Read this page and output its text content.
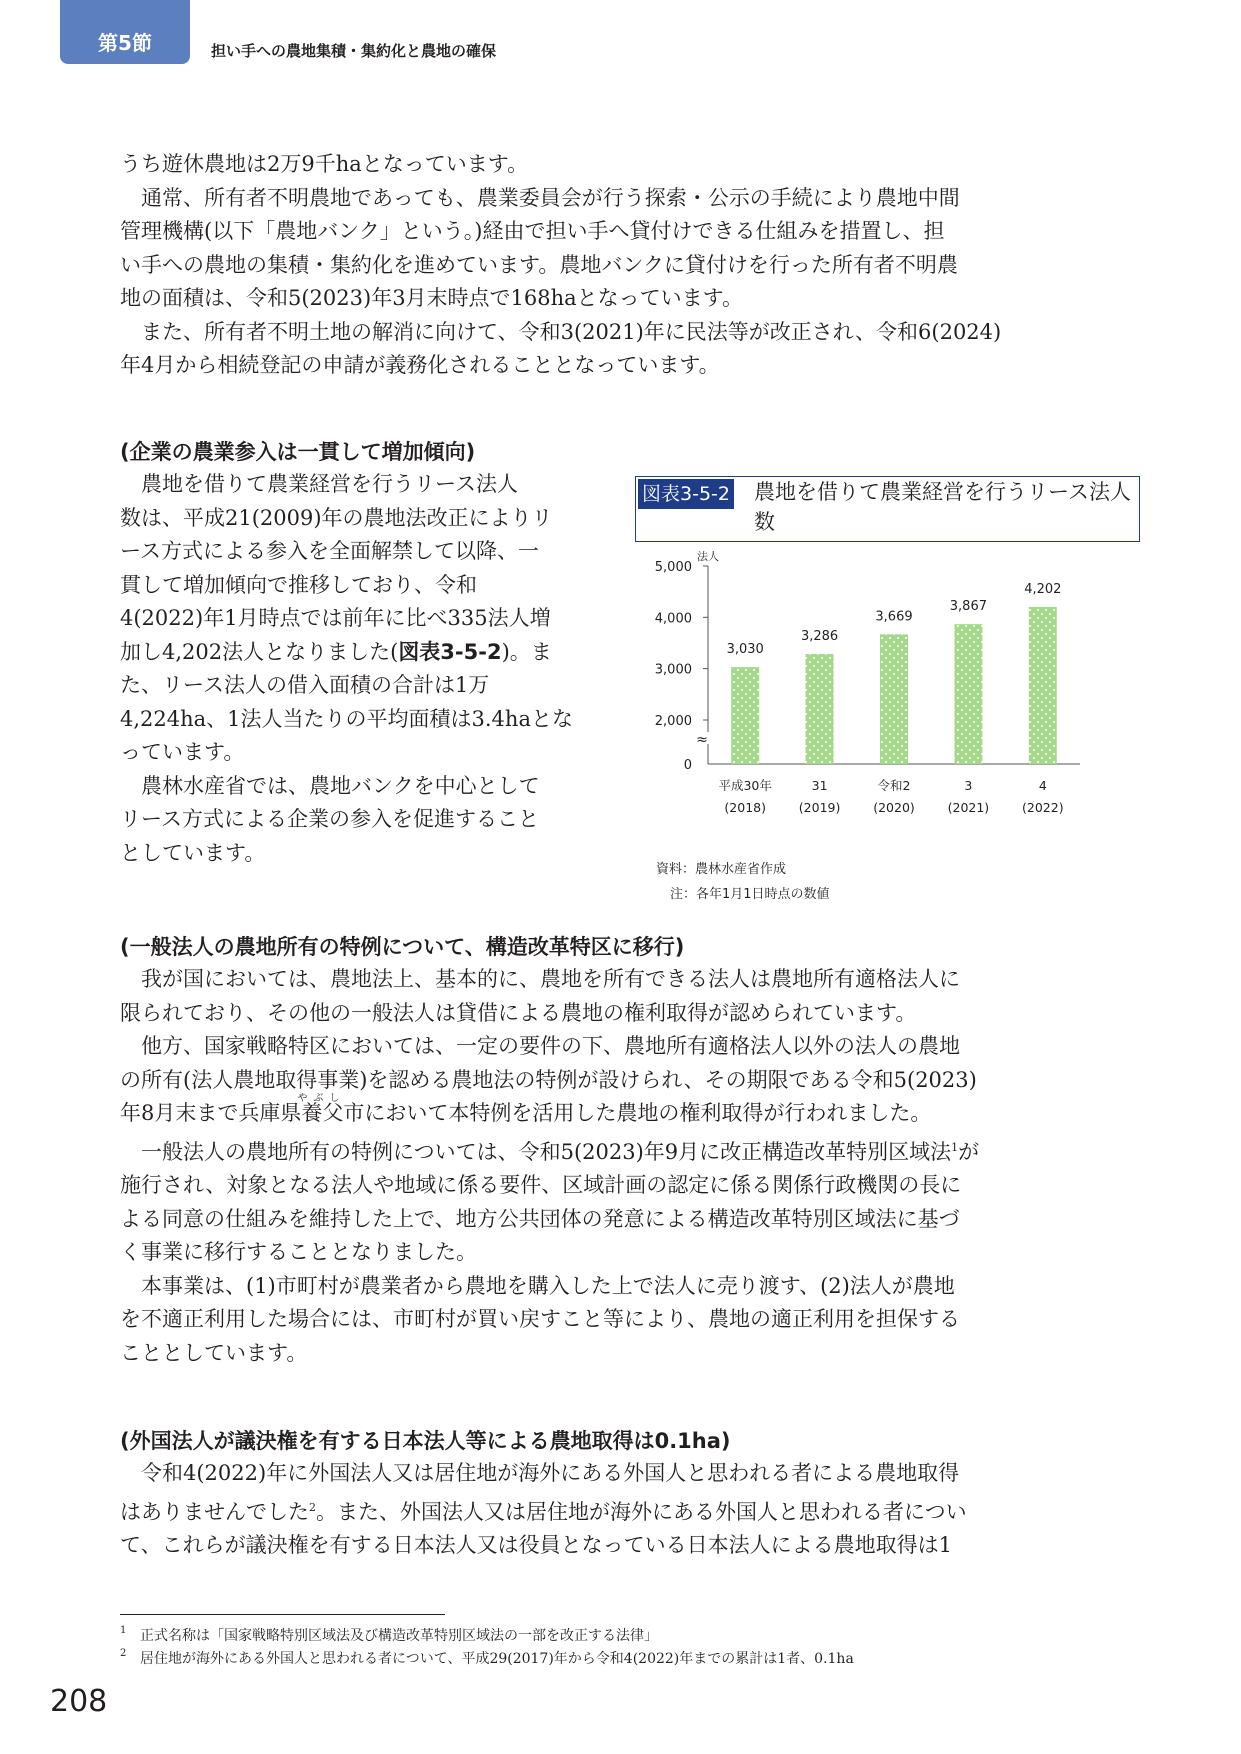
第5節	担い手への農地集積・集約化と農地の確保
うち遊休農地は2万9千haとなっています。
　通常、所有者不明農地であっても、農業委員会が行う探索・公示の手続により農地中間
管理機構(以下「農地バンク」という。)経由で担い手へ貸付けできる仕組みを措置し、担
い手への農地の集積・集約化を進めています。農地バンクに貸付けを行った所有者不明農
地の面積は、令和5(2023)年3月末時点で168haとなっています。
　また、所有者不明土地の解消に向けて、令和3(2021)年に民法等が改正され、令和6(2024)
年4月から相続登記の申請が義務化されることとなっています。
(企業の農業参入は一貫して増加傾向)
　農地を借りて農業経営を行うリース法人
数は、平成21(2009)年の農地法改正によりリ
ース方式による参入を全面解禁して以降、一
貫して増加傾向で推移しており、令和
4(2022)年1月時点では前年に比べ335法人増
加し4,202法人となりました(図表3-5-2)。ま
た、リース法人の借入面積の合計は1万
4,224ha、1法人当たりの平均面積は3.4haとな
っています。
　農林水産省では、農地バンクを中心として
リース方式による企業の参入を促進すること
としています。
図表3-5-2 農地を借りて農業経営を行うリース法人数
≈
法人
2,000
3,000
4,000
5,000
0
3,030
平成30年
(2018)
3,286
31
(2019)
3,669
令和2
(2020)
3,867
3
(2021)
4,202
4
(2022)
資料：農林水産省作成
注：各年1月1日時点の数値
(一般法人の農地所有の特例について、構造改革特区に移行)
　我が国においては、農地法上、基本的に、農地を所有できる法人は農地所有適格法人に
限られており、その他の一般法人は貸借による農地の権利取得が認められています。
　他方、国家戦略特区においては、一定の要件の下、農地所有適格法人以外の法人の農地
の所有(法人農地取得事業)を認める農地法の特例が設けられ、その期限である令和5(2023)
年8月末まで兵庫県
やぶし
養父市において本特例を活用した農地の権利取得が行われました。
　一般法人の農地所有の特例については、令和5(2023)年9月に改正構造改革特別区域法$^1$が
施行され、対象となる法人や地域に係る要件、区域計画の認定に係る関係行政機関の長に
よる同意の仕組みを維持した上で、地方公共団体の発意による構造改革特別区域法に基づ
く事業に移行することとなりました。
　本事業は、(1)市町村が農業者から農地を購入した上で法人に売り渡す、(2)法人が農地
を不適正利用した場合には、市町村が買い戻すこと等により、農地の適正利用を担保する
こととしています。
(外国法人が議決権を有する日本法人等による農地取得は0.1ha)
　令和4(2022)年に外国法人又は居住地が海外にある外国人と思われる者による農地取得
はありませんでした$^2$。また、外国法人又は居住地が海外にある外国人と思われる者につい
て、これらが議決権を有する日本法人又は役員となっている日本法人による農地取得は1
1 正式名称は「国家戦略特別区域法及び構造改革特別区域法の一部を改正する法律」
2 居住地が海外にある外国人と思われる者について、平成29(2017)年から令和4(2022)年までの累計は1者、0.1ha
208
